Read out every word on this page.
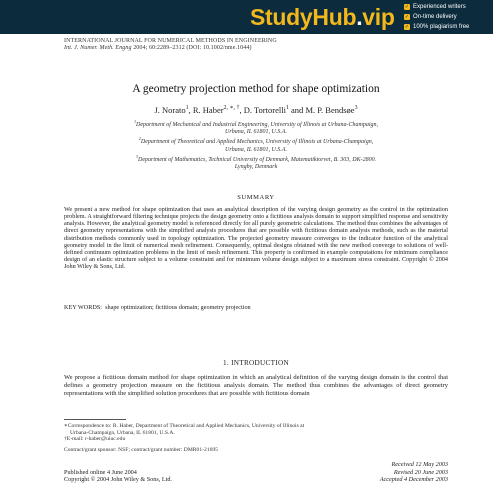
StudyHub.vip ✓ Experienced writers
✓ On-time delivery
✓ 100% plagiarism free
INTERNATIONAL JOURNAL FOR NUMERICAL METHODS IN ENGINEERING
Int. J. Numer. Meth. Engng 2004; 60:2289–2312 (DOI: 10.1002/nme.1044)
A geometry projection method for shape optimization
J. Norato$^1$, R. Haber$^{2, ∗, \dagger}$, D. Tortorelli$^1$ and M. P. Bendsøe$^3$
$^1$Department of Mechanical and Industrial Engineering, University of Illinois at Urbana-Champaign,
Urbana, IL 61801, U.S.A.
$^2$Department of Theoretical and Applied Mechanics, University of Illinois at Urbana-Champaign,
Urbana, IL 61801, U.S.A.
$^3$Department of Mathematics, Technical University of Denmark, Matematiktorvet, B. 303, DK-2800.
Lyngby, Denmark
SUMMARY
We present a new method for shape optimization that uses an analytical description of the varying design geometry as the control in the optimization problem. A straightforward filtering technique projects the design geometry onto a fictitious analysis domain to support simplified response and sensitivity analysis. However, the analytical geometry model is referenced directly for all purely geometric calculations. The method thus combines the advantages of direct geometry representations with the simplified analysis procedures that are possible with fictitious domain analysis methods, such as the material distribution methods commonly used in topology optimization. The projected geometry measure converges to the indicator function of the analytical geometry model in the limit of numerical mesh refinement. Consequently, optimal designs obtained with the new method converge to solutions of well-defined continuum optimization problems in the limit of mesh refinement. This property is confirmed in example computations for minimum compliance design of an elastic structure subject to a volume constraint and for minimum volume design subject to a maximum stress constraint. Copyright © 2004 John Wiley & Sons, Ltd.
KEY WORDS: shape optimization; fictitious domain; geometry projection
1. INTRODUCTION
We propose a fictitious domain method for shape optimization in which an analytical definition of the varying design domain is the control that defines a geometry projection measure on the fictitious analysis domain. The method thus combines the advantages of direct geometry representations with the simplified solution procedures that are possible with fictitious domain
∗Correspondence to: R. Haber, Department of Theoretical and Applied Mechanics, University of Illinois at
Urbana-Champaign, Urbana, IL 61801, U.S.A.
†E-mail: r-haber@uiuc.edu
Contract/grant sponsor: NSF; contract/grant number: DMR01-21695

Published online 4 June 2004
Copyright © 2004 John Wiley & Sons, Ltd.
Received 12 May 2003
Revised 20 June 2003
Accepted 4 December 2003
